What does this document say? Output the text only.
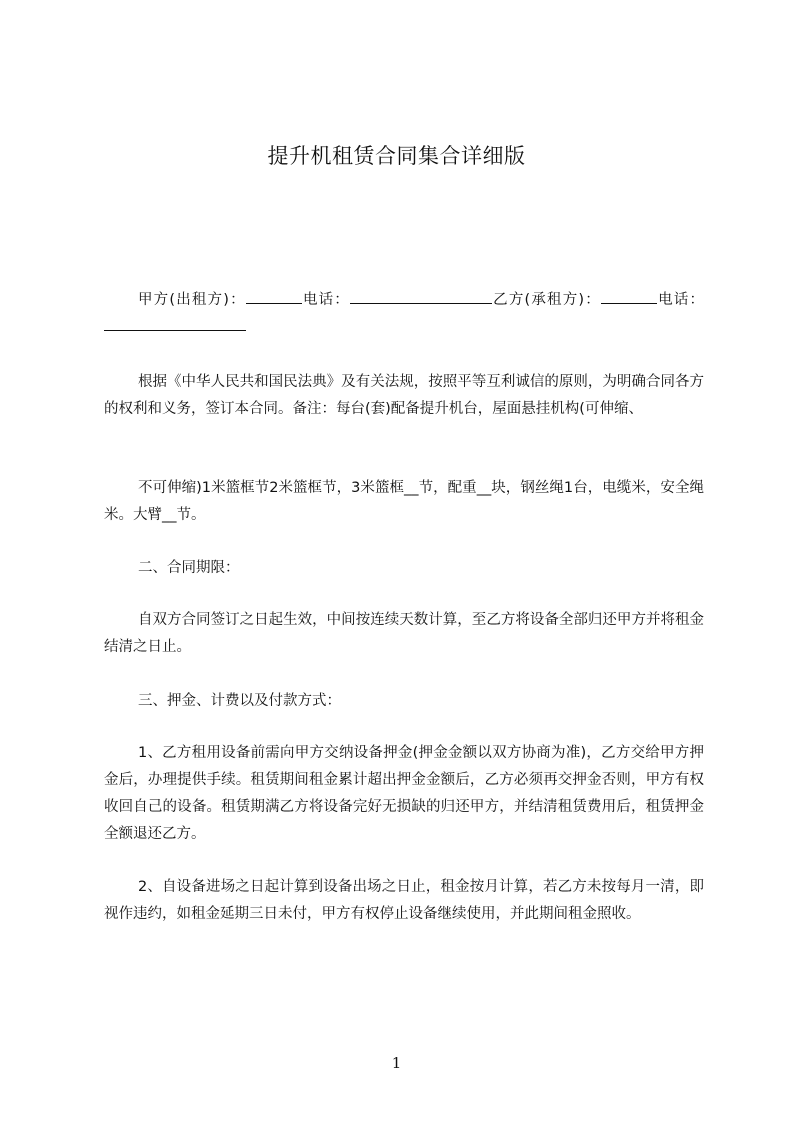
提升机租赁合同集合详细版
甲方(出租方)：	电话：	乙方(承租方)：	电话：
根据《中华人民共和国民法典》及有关法规，按照平等互利诚信的原则，为明确合同各方的权利和义务，签订本合同。备注：每台(套)配备提升机台，屋面悬挂机构(可伸缩、
不可伸缩)1米篮框节2米篮框节，3米篮框__节，配重__块，钢丝绳1台，电缆米，安全绳米。大臂__节。
二、合同期限：
自双方合同签订之日起生效，中间按连续天数计算，至乙方将设备全部归还甲方并将租金结清之日止。
三、押金、计费以及付款方式：
1、乙方租用设备前需向甲方交纳设备押金(押金金额以双方协商为准)，乙方交给甲方押金后，办理提供手续。租赁期间租金累计超出押金金额后，乙方必须再交押金否则，甲方有权收回自己的设备。租赁期满乙方将设备完好无损缺的归还甲方，并结清租赁费用后，租赁押金全额退还乙方。
2、自设备进场之日起计算到设备出场之日止，租金按月计算，若乙方未按每月一清，即视作违约，如租金延期三日未付，甲方有权停止设备继续使用，并此期间租金照收。
1
